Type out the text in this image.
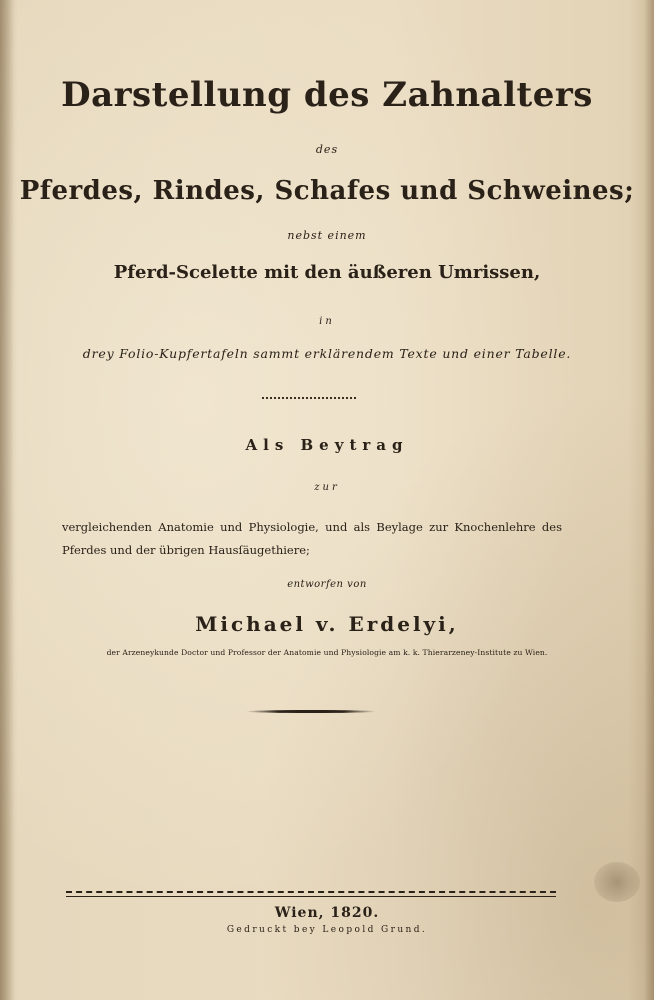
Darstellung des Zahnalters
des
Pferdes, Rindes, Schafes und Schweines;
nebst einem
Pferd-Scelette mit den äußeren Umrissen,
in
drey Folio-Kupfertafeln sammt erklärendem Texte und einer Tabelle.
Als Beytrag
zur
vergleichenden Anatomie und Physiologie, und als Beylage zur Knochenlehre des Pferdes und der übrigen Hausſäugethiere;
entworfen von
Michael v. Erdelyi,
der Arzeneykunde Doctor und Professor der Anatomie und Physiologie am k. k. Thierarzeney-Institute zu Wien.
Wien, 1820.
Gedruckt bey Leopold Grund.
